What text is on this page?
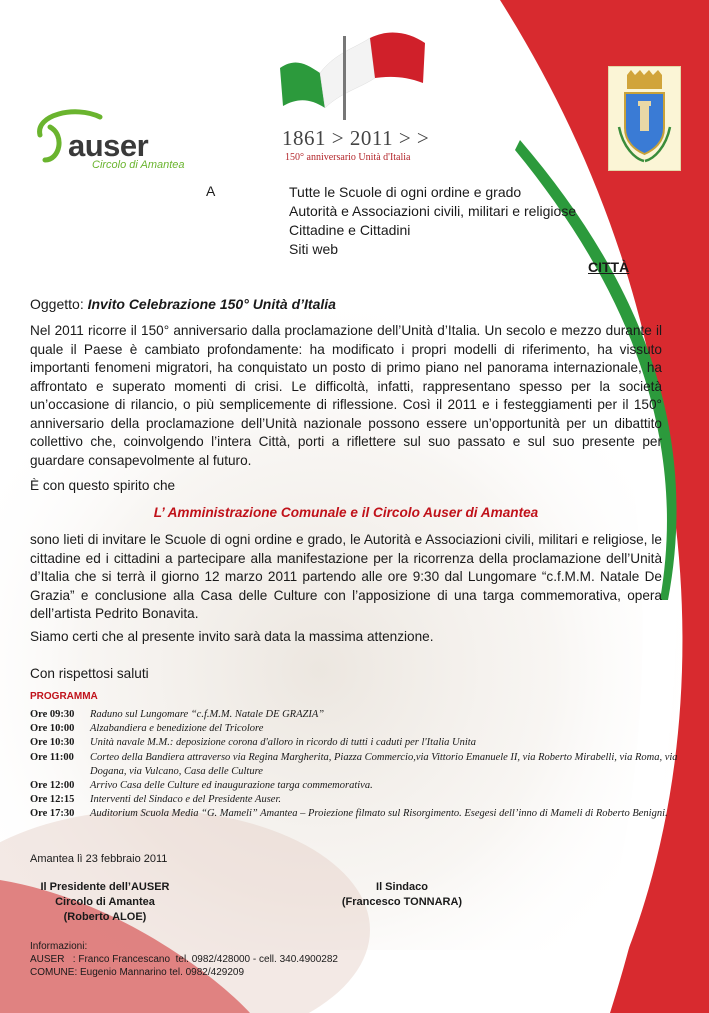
auser
Circolo di Amantea
1861 > 2011 > >
150° anniversario Unità d'Italia
A	Tutte le Scuole di ogni ordine e grado
Autorità e Associazioni civili, militari e religiose
Cittadine e Cittadini
Siti web
CITTÀ
Oggetto: Invito Celebrazione 150° Unità d’Italia
Nel 2011 ricorre il 150° anniversario dalla proclamazione dell’Unità d’Italia. Un secolo e mezzo durante il quale il Paese è cambiato profondamente: ha modificato i propri modelli di riferimento, ha vissuto importanti fenomeni migratori, ha conquistato un posto di primo piano nel panorama internazionale, ha affrontato e superato momenti di crisi. Le difficoltà, infatti, rappresentano spesso per la società un’occasione di rilancio, o più semplicemente di riflessione. Così il 2011 e i festeggiamenti per il 150° anniversario della proclamazione dell’Unità nazionale possono essere un’opportunità per un dibattito collettivo che, coinvolgendo l’intera Città, porti a riflettere sul suo passato e sul suo presente per guardare consapevolmente al futuro.
È con questo spirito che
L’ Amministrazione Comunale e il Circolo Auser di Amantea
sono lieti di invitare le Scuole di ogni ordine e grado, le Autorità e Associazioni civili, militari e religiose, le cittadine ed i cittadini a partecipare alla manifestazione per la ricorrenza della proclamazione dell’Unità d’Italia che si terrà il giorno 12 marzo 2011 partendo alle ore 9:30 dal Lungomare “c.f.M.M. Natale De Grazia” e conclusione alla Casa delle Culture con l’apposizione di una targa commemorativa, opera dell’artista Pedrito Bonavita.
Siamo certi che al presente invito sarà data la massima attenzione.
Con rispettosi saluti
PROGRAMMA
Ore 09:30	Raduno sul Lungomare “c.f.M.M. Natale DE GRAZIA”
Ore 10:00	Alzabandiera e benedizione del Tricolore
Ore 10:30	Unità navale M.M.: deposizione corona d'alloro in ricordo di tutti i caduti per l'Italia Unita
Ore 11:00	Corteo della Bandiera attraverso via Regina Margherita, Piazza Commercio,via Vittorio Emanuele II, via Roberto Mirabelli, via Roma, via Dogana, via Vulcano, Casa delle Culture
Ore 12:00	Arrivo Casa delle Culture ed inaugurazione targa commemorativa.
Ore 12:15	Interventi del Sindaco e del Presidente Auser.
Ore 17:30	Auditorium Scuola Media “G. Mameli” Amantea – Proiezione filmato sul Risorgimento. Esegesi dell’inno di Mameli di Roberto Benigni.
Amantea lì 23 febbraio 2011
Il Presidente dell’AUSER
Circolo di Amantea
(Roberto ALOE)
Il Sindaco
(Francesco TONNARA)
Informazioni:
AUSER   : Franco Francescano  tel. 0982/428000 - cell. 340.4900282
COMUNE: Eugenio Mannarino tel. 0982/429209
